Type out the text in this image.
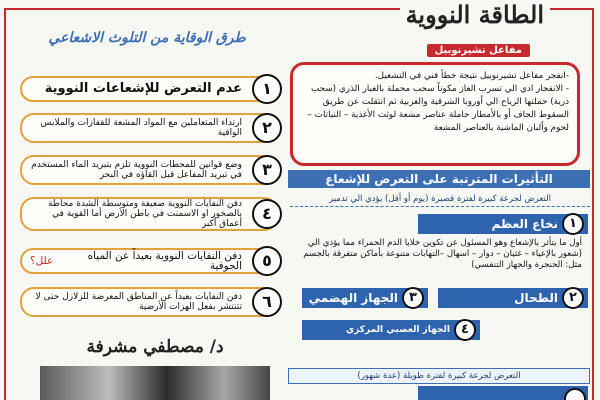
الطاقة النووية
طرق الوقاية من التلوث الاشعاعي
١
عدم التعرض للإشعاعات النووية
٢
ارتداء المتعاملين مع المواد المشعة للقفازات والملابس الواقية
٣
وضع قوانين للمحطات النووية تلزم بتبريد الماء المستخدم في تبريد المفاعل قبل القاؤه في البحر
٤
دفن النفايات النووية ضعيفة ومتوسطة الشدة محاطة بالصخور او الاسمنت في باطن الأرض أما القوية في أعماق أكبر
٥
دفن النفايات النووية بعيداً عن المياه الجوفية

علل؟
٦
دفن النفايات بعيداً عن المناطق المعرضة للزلازل حتى لا تتنتشر بفعل الهزات الأرضية
د/ مصطفي مشرفة
مفاعل تشيرنوبيل

-انفجر مفاعل تشيرنوبيل نتيجة خطأ فني في التشغيل.

- الانفجار ادي الي تسرب الغاز مكوناً سحب محملة بالغبار الذري (سحب ذرية) حملتها الرياح الي أوروبا الشرقية والغربية ثم انتقلت عن طريق السقوط الجاف أو بالأمطار حاملة عناصر مشعة لوثت الأغذية – النباتات – لحوم وألبان الماشية بالعناصر المشعة

التأثيرات المترتبة على التعرض للإشعاع
التعرض لجرعة كبيرة لفترة قصيرة (يوم أو أقل) يؤدي الي تدمير
١
نخاع العظم
أول ما يتأثر بالإشعاع وهو المسئول عن تكوين خلايا الدم الحمراء مما يؤدي الي (شعور بالإعياء – غثيان – دوار – اسهال –التهابات متنوعة بأماكن متفرقة بالجسم مثل: الحنجرة والجهاز التنفسي)
٢
الطحال
٣
الجهاز الهضمي
٤
الجهاز العصبي المركزي
التعرض لجرعة كبيرة لفترة طويلة (عدة شهور)
